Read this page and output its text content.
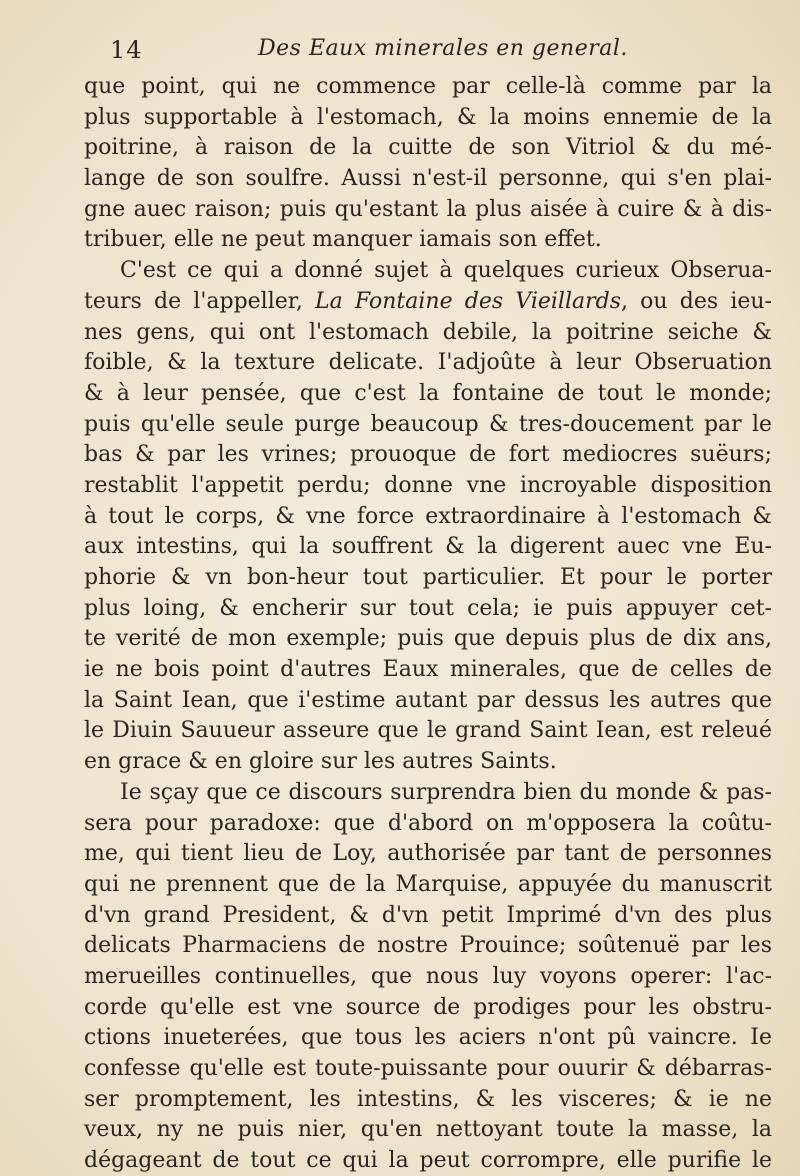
14	Des Eaux minerales en general.
que point, qui ne commence par celle-là comme par la
plus supportable à l'estomach, & la moins ennemie de la
poitrine, à raison de la cuitte de son Vitriol & du mé-
lange de son soulfre. Aussi n'est-il personne, qui s'en plai-
gne auec raison; puis qu'estant la plus aisée à cuire & à dis-
tribuer, elle ne peut manquer iamais son effet.
C'est ce qui a donné sujet à quelques curieux Obserua-
teurs de l'appeller, La Fontaine des Vieillards, ou des ieu-
nes gens, qui ont l'estomach debile, la poitrine seiche &
foible, & la texture delicate. I'adjoûte à leur Obseruation
& à leur pensée, que c'est la fontaine de tout le monde;
puis qu'elle seule purge beaucoup & tres-doucement par le
bas & par les vrines; prouoque de fort mediocres suëurs;
restablit l'appetit perdu; donne vne incroyable disposition
à tout le corps, & vne force extraordinaire à l'estomach &
aux intestins, qui la souffrent & la digerent auec vne Eu-
phorie & vn bon-heur tout particulier. Et pour le porter
plus loing, & encherir sur tout cela; ie puis appuyer cet-
te verité de mon exemple; puis que depuis plus de dix ans,
ie ne bois point d'autres Eaux minerales, que de celles de
la Saint Iean, que i'estime autant par dessus les autres que
le Diuin Sauueur asseure que le grand Saint Iean, est releué
en grace & en gloire sur les autres Saints.
Ie sçay que ce discours surprendra bien du monde & pas-
sera pour paradoxe: que d'abord on m'opposera la coûtu-
me, qui tient lieu de Loy, authorisée par tant de personnes
qui ne prennent que de la Marquise, appuyée du manuscrit
d'vn grand President, & d'vn petit Imprimé d'vn des plus
delicats Pharmaciens de nostre Prouince; soûtenuë par les
merueilles continuelles, que nous luy voyons operer: l'ac-
corde qu'elle est vne source de prodiges pour les obstru-
ctions inueterées, que tous les aciers n'ont pû vaincre. Ie
confesse qu'elle est toute-puissante pour ouurir & débarras-
ser promptement, les intestins, & les visceres; & ie ne
veux, ny ne puis nier, qu'en nettoyant toute la masse, la
dégageant de tout ce qui la peut corrompre, elle purifie le
